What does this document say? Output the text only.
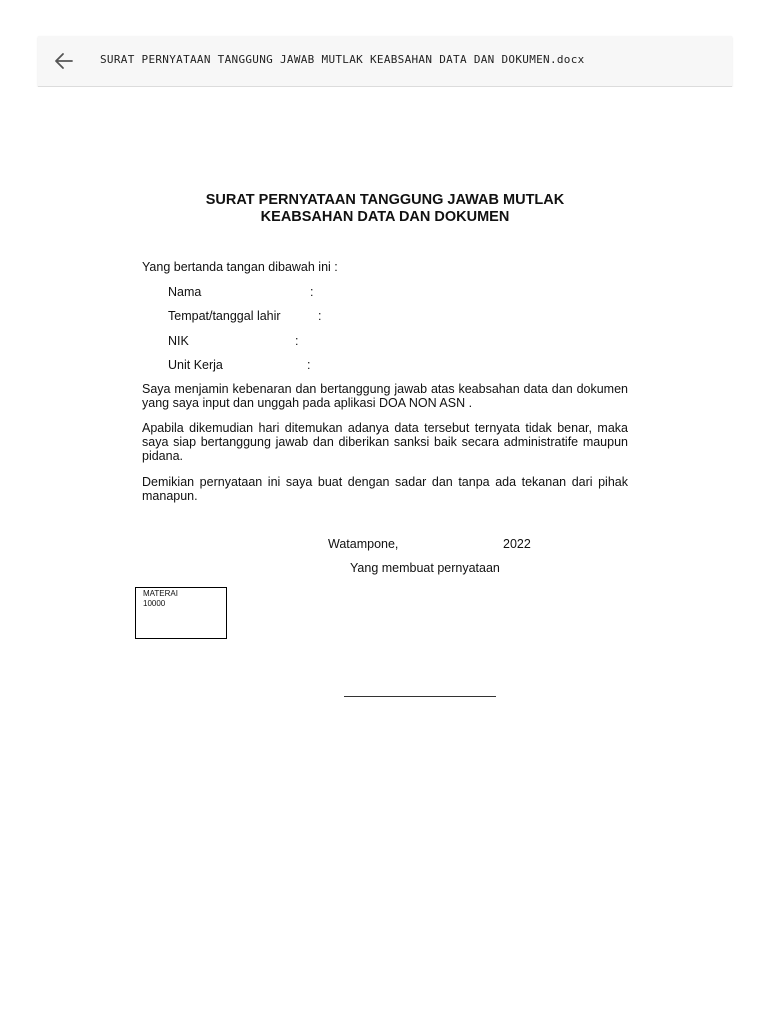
SURAT PERNYATAAN TANGGUNG JAWAB MUTLAK KEABSAHAN DATA DAN DOKUMEN.docx
SURAT PERNYATAAN TANGGUNG JAWAB MUTLAK
KEABSAHAN DATA DAN DOKUMEN
Yang bertanda tangan dibawah ini :
Nama	:
Tempat/tanggal lahir	:
NIK	:
Unit Kerja	:
Saya menjamin kebenaran dan bertanggung jawab atas keabsahan data dan dokumen yang saya input dan unggah pada aplikasi DOA NON ASN .
Apabila dikemudian hari ditemukan adanya data tersebut ternyata tidak benar, maka saya siap bertanggung jawab dan diberikan sanksi baik secara administratife maupun pidana.
Demikian pernyataan ini saya buat dengan sadar dan tanpa ada tekanan dari pihak manapun.
Watampone,	2022
Yang membuat pernyataan
MATERAI
10000
